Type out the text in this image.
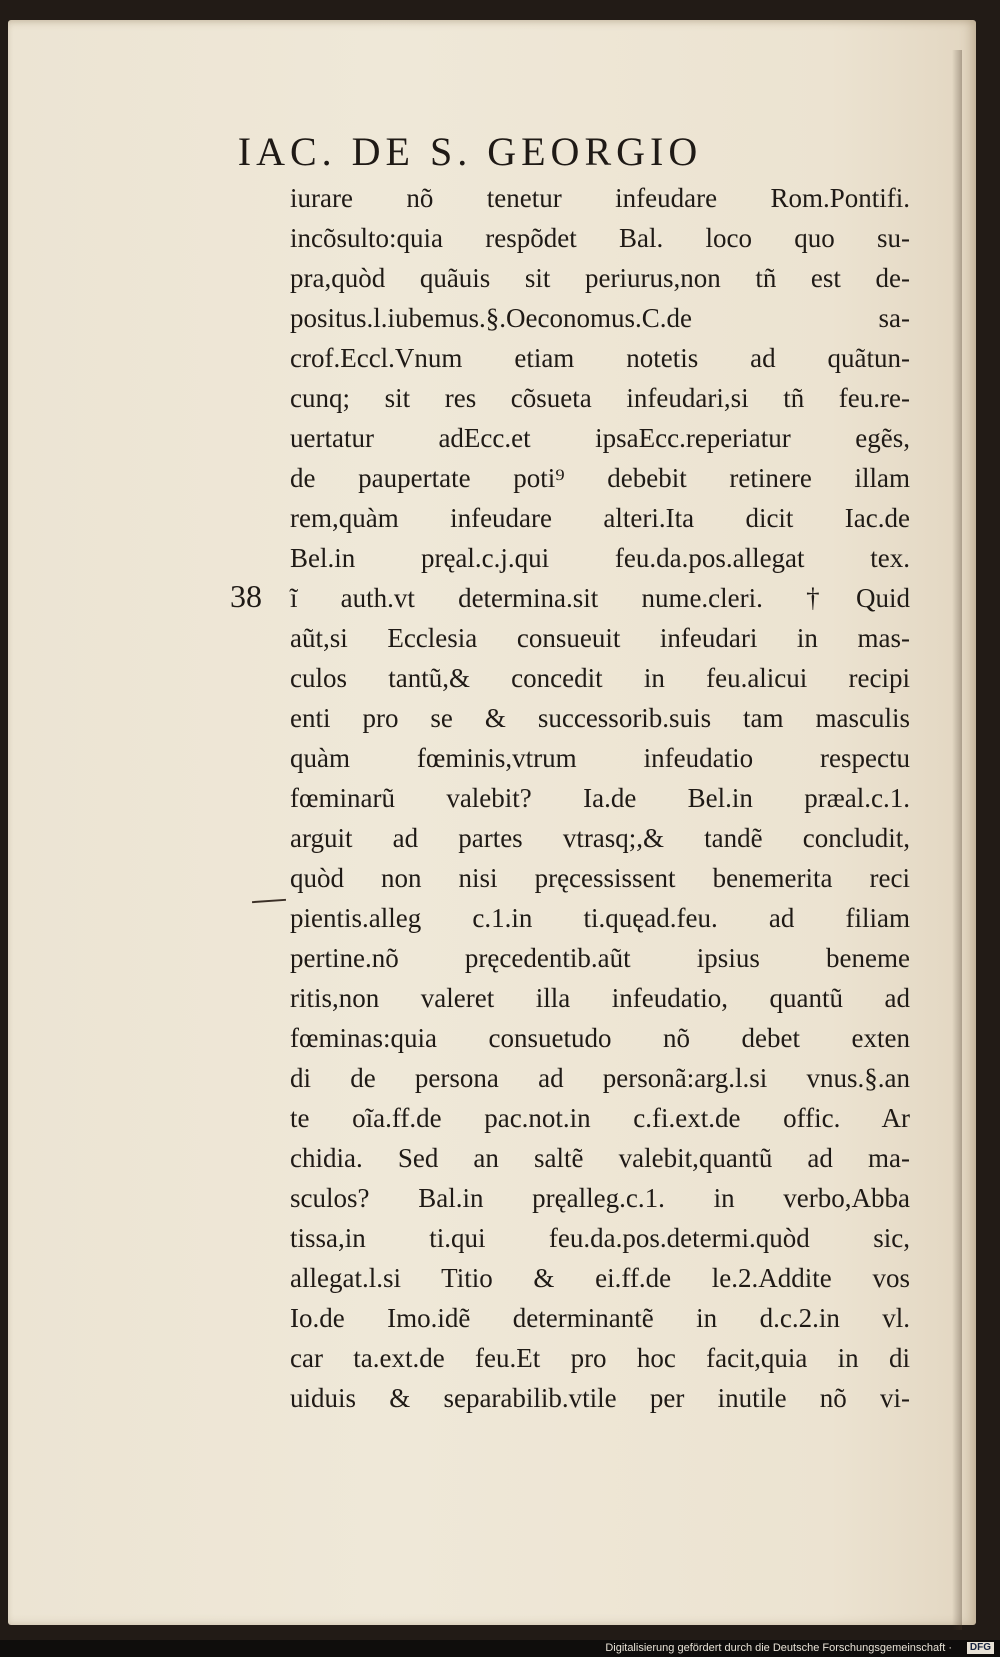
IAC. DE S. GEORGIO
38
iurare nõ tenetur infeudare Rom.Pontifi.
incõsulto:quia respõdet Bal. loco quo su-
pra,quòd quãuis sit periurus,non tñ est de-
positus.l.iubemus.§.Oeconomus.C.de sa-
crof.Eccl.Vnum etiam notetis ad quãtun-
cunq; sit res cõsueta infeudari,si tñ feu.re-
uertatur adEcc.et ipsaEcc.reperiatur egẽs,
de paupertate poti⁹ debebit retinere illam
rem,quàm infeudare alteri.Ita dicit Iac.de
Bel.in pręal.c.j.qui feu.da.pos.allegat tex.
ĩ auth.vt determina.sit nume.cleri. †Quid
aũt,si Ecclesia consueuit infeudari in mas-
culos tantũ,& concedit in feu.alicui recipi
enti pro se & successorib.suis tam masculis
quàm fœminis,vtrum infeudatio respectu
fœminarũ valebit? Ia.de Bel.in præal.c.1.
arguit ad partes vtrasq;,& tandẽ concludit,
quòd non nisi pręcessissent benemerita reci
pientis.alleg c.1.in ti.quęad.feu. ad filiam
pertine.nõ pręcedentib.aũt ipsius beneme
ritis,non valeret illa infeudatio, quantũ ad
fœminas:quia consuetudo nõ debet exten
di de persona ad personã:arg.l.si vnus.§.an
te oĩa.ff.de pac.not.in c.fi.ext.de offic. Ar
chidia. Sed an saltẽ valebit,quantũ ad ma-
sculos? Bal.in pręalleg.c.1. in verbo,Abba
tissa,in ti.qui feu.da.pos.determi.quòd sic,
allegat.l.si Titio & ei.ff.de le.2.Addite vos
Io.de Imo.idẽ determinantẽ in d.c.2.in vl.
car ta.ext.de feu.Et pro hoc facit,quia in di
uiduis & separabilib.vtile per inutile nõ vi-
Digitalisierung gefördert durch die Deutsche Forschungsgemeinschaft ·	DFG
